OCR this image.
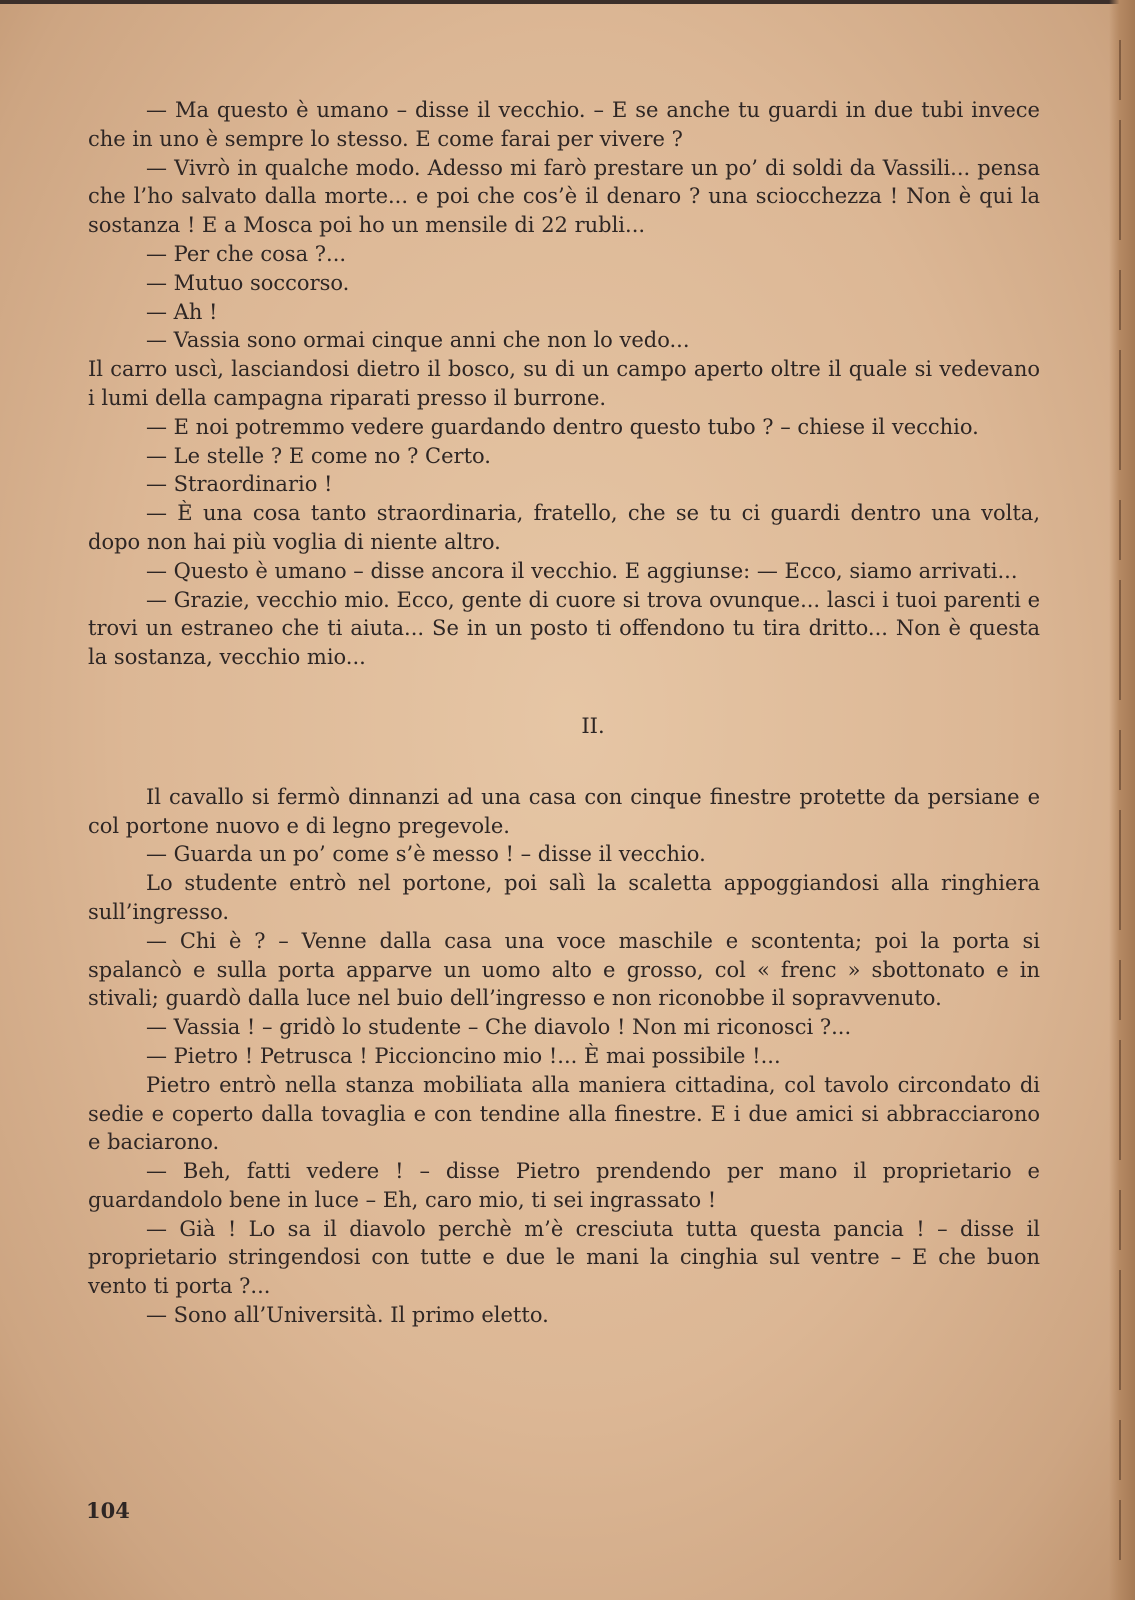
— Ma questo è umano – disse il vecchio. – E se anche tu guardi in due tubi invece che in uno è sempre lo stesso. E come farai per vivere ?

— Vivrò in qualche modo. Adesso mi farò prestare un po’ di soldi da Vassili... pensa che l’ho salvato dalla morte... e poi che cos’è il denaro ? una sciocchezza ! Non è qui la sostanza ! E a Mosca poi ho un mensile di 22 rubli...

— Per che cosa ?...

— Mutuo soccorso.

— Ah !

— Vassia sono ormai cinque anni che non lo vedo...

Il carro uscì, lasciandosi dietro il bosco, su di un campo aperto oltre il quale si vedevano i lumi della campagna riparati presso il burrone.

— E noi potremmo vedere guardando dentro questo tubo ? – chiese il vecchio.

— Le stelle ? E come no ? Certo.

— Straordinario !

— È una cosa tanto straordinaria, fratello, che se tu ci guardi dentro una volta, dopo non hai più voglia di niente altro.

— Questo è umano – disse ancora il vecchio. E aggiunse: — Ecco, siamo arrivati...

— Grazie, vecchio mio. Ecco, gente di cuore si trova ovunque... lasci i tuoi parenti e trovi un estraneo che ti aiuta... Se in un posto ti offendono tu tira dritto... Non è questa la sostanza, vecchio mio...

II.

Il cavallo si fermò dinnanzi ad una casa con cinque finestre protette da persiane e col portone nuovo e di legno pregevole.

— Guarda un po’ come s’è messo ! – disse il vecchio.

Lo studente entrò nel portone, poi salì la scaletta appoggiandosi alla ringhiera sull’ingresso.

— Chi è ? – Venne dalla casa una voce maschile e scontenta; poi la porta si spalancò e sulla porta apparve un uomo alto e grosso, col « frenc » sbottonato e in stivali; guardò dalla luce nel buio dell’ingresso e non riconobbe il sopravvenuto.

— Vassia ! – gridò lo studente – Che diavolo ! Non mi riconosci ?...

— Pietro ! Petrusca ! Piccioncino mio !... È mai possibile !...

Pietro entrò nella stanza mobiliata alla maniera cittadina, col tavolo circondato di sedie e coperto dalla tovaglia e con tendine alla finestre. E i due amici si abbracciarono e baciarono.

— Beh, fatti vedere ! – disse Pietro prendendo per mano il proprietario e guardandolo bene in luce – Eh, caro mio, ti sei ingrassato !

— Già ! Lo sa il diavolo perchè m’è cresciuta tutta questa pancia ! – disse il proprietario stringendosi con tutte e due le mani la cinghia sul ventre – E che buon vento ti porta ?...

— Sono all’Università. Il primo eletto.

104
